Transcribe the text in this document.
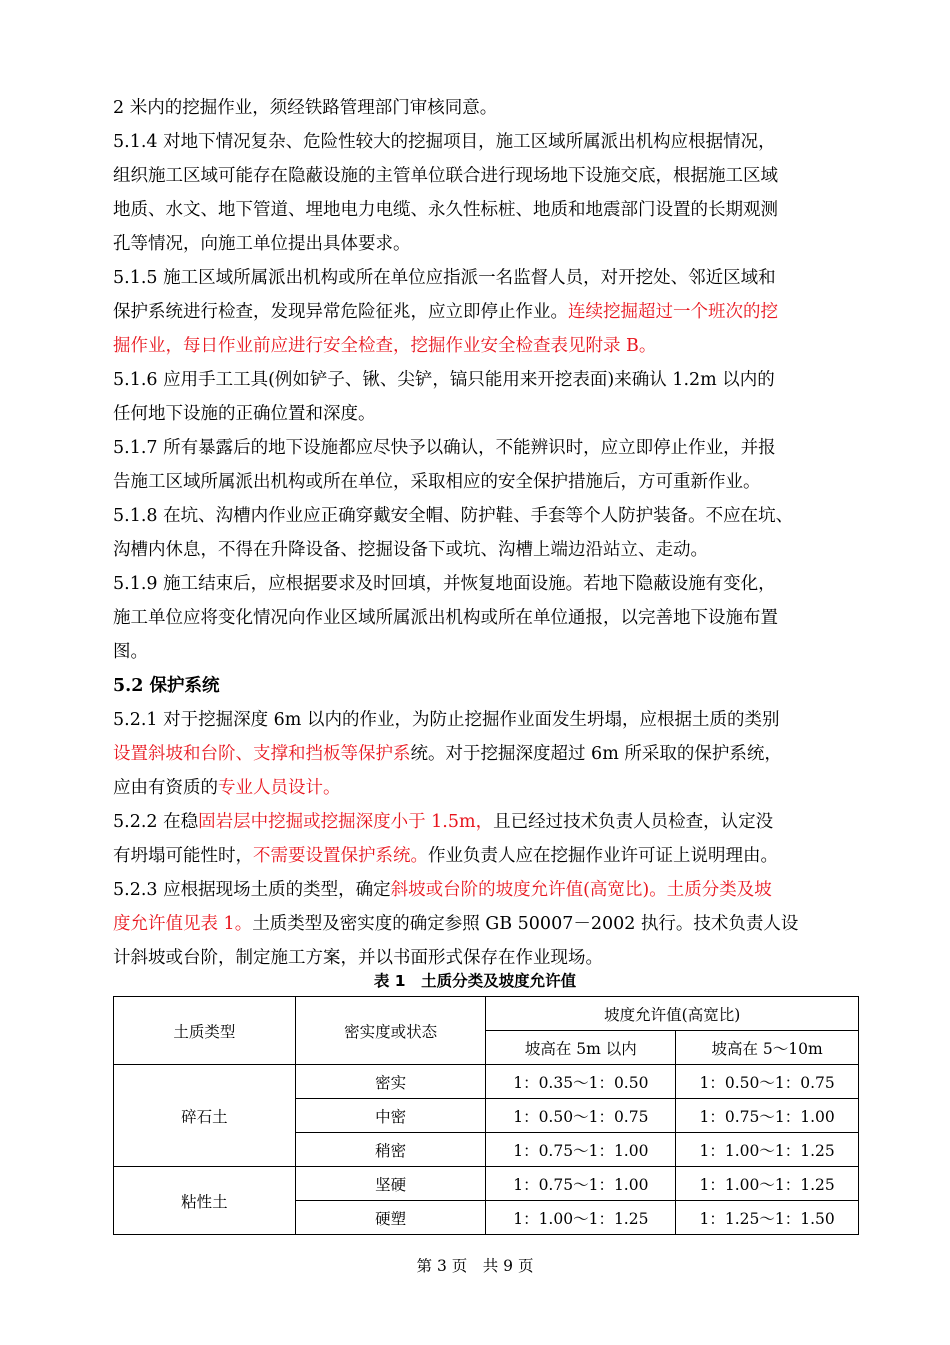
2 米内的挖掘作业，须经铁路管理部门审核同意。
5.1.4 对地下情况复杂、危险性较大的挖掘项目，施工区域所属派出机构应根据情况，
组织施工区域可能存在隐蔽设施的主管单位联合进行现场地下设施交底，根据施工区域
地质、水文、地下管道、埋地电力电缆、永久性标桩、地质和地震部门设置的长期观测
孔等情况，向施工单位提出具体要求。
5.1.5 施工区域所属派出机构或所在单位应指派一名监督人员，对开挖处、邻近区域和
保护系统进行检查，发现异常危险征兆，应立即停止作业。连续挖掘超过一个班次的挖
掘作业，每日作业前应进行安全检查，挖掘作业安全检查表见附录 B。
5.1.6 应用手工工具(例如铲子、锹、尖铲，镐只能用来开挖表面)来确认 1.2m 以内的
任何地下设施的正确位置和深度。
5.1.7 所有暴露后的地下设施都应尽快予以确认，不能辨识时，应立即停止作业，并报
告施工区域所属派出机构或所在单位，采取相应的安全保护措施后，方可重新作业。
5.1.8 在坑、沟槽内作业应正确穿戴安全帽、防护鞋、手套等个人防护装备。不应在坑、
沟槽内休息，不得在升降设备、挖掘设备下或坑、沟槽上端边沿站立、走动。
5.1.9 施工结束后，应根据要求及时回填，并恢复地面设施。若地下隐蔽设施有变化，
施工单位应将变化情况向作业区域所属派出机构或所在单位通报，以完善地下设施布置
图。
5.2 保护系统
5.2.1 对于挖掘深度 6m 以内的作业，为防止挖掘作业面发生坍塌，应根据土质的类别
设置斜坡和台阶、支撑和挡板等保护系统。对于挖掘深度超过 6m 所采取的保护系统，
应由有资质的专业人员设计。
5.2.2 在稳固岩层中挖掘或挖掘深度小于 1.5m，且已经过技术负责人员检查，认定没
有坍塌可能性时，不需要设置保护系统。作业负责人应在挖掘作业许可证上说明理由。
5.2.3 应根据现场土质的类型，确定斜坡或台阶的坡度允许值(高宽比)。土质分类及坡
度允许值见表 1。土质类型及密实度的确定参照 GB 50007－2002 执行。技术负责人设
计斜坡或台阶，制定施工方案，并以书面形式保存在作业现场。
表 1　土质分类及坡度允许值
土质类型	密实度或状态	坡度允许值(高宽比)	
		坡高在 5m 以内	坡高在 5～10m
碎石土	密实	1：0.35～1：0.50	1：0.50～1：0.75
	中密	1：0.50～1：0.75	1：0.75～1：1.00
	稍密	1：0.75～1：1.00	1：1.00～1：1.25
粘性土	坚硬	1：0.75～1：1.00	1：1.00～1：1.25
	硬塑	1：1.00～1：1.25	1：1.25～1：1.50
第 3 页　共 9 页
